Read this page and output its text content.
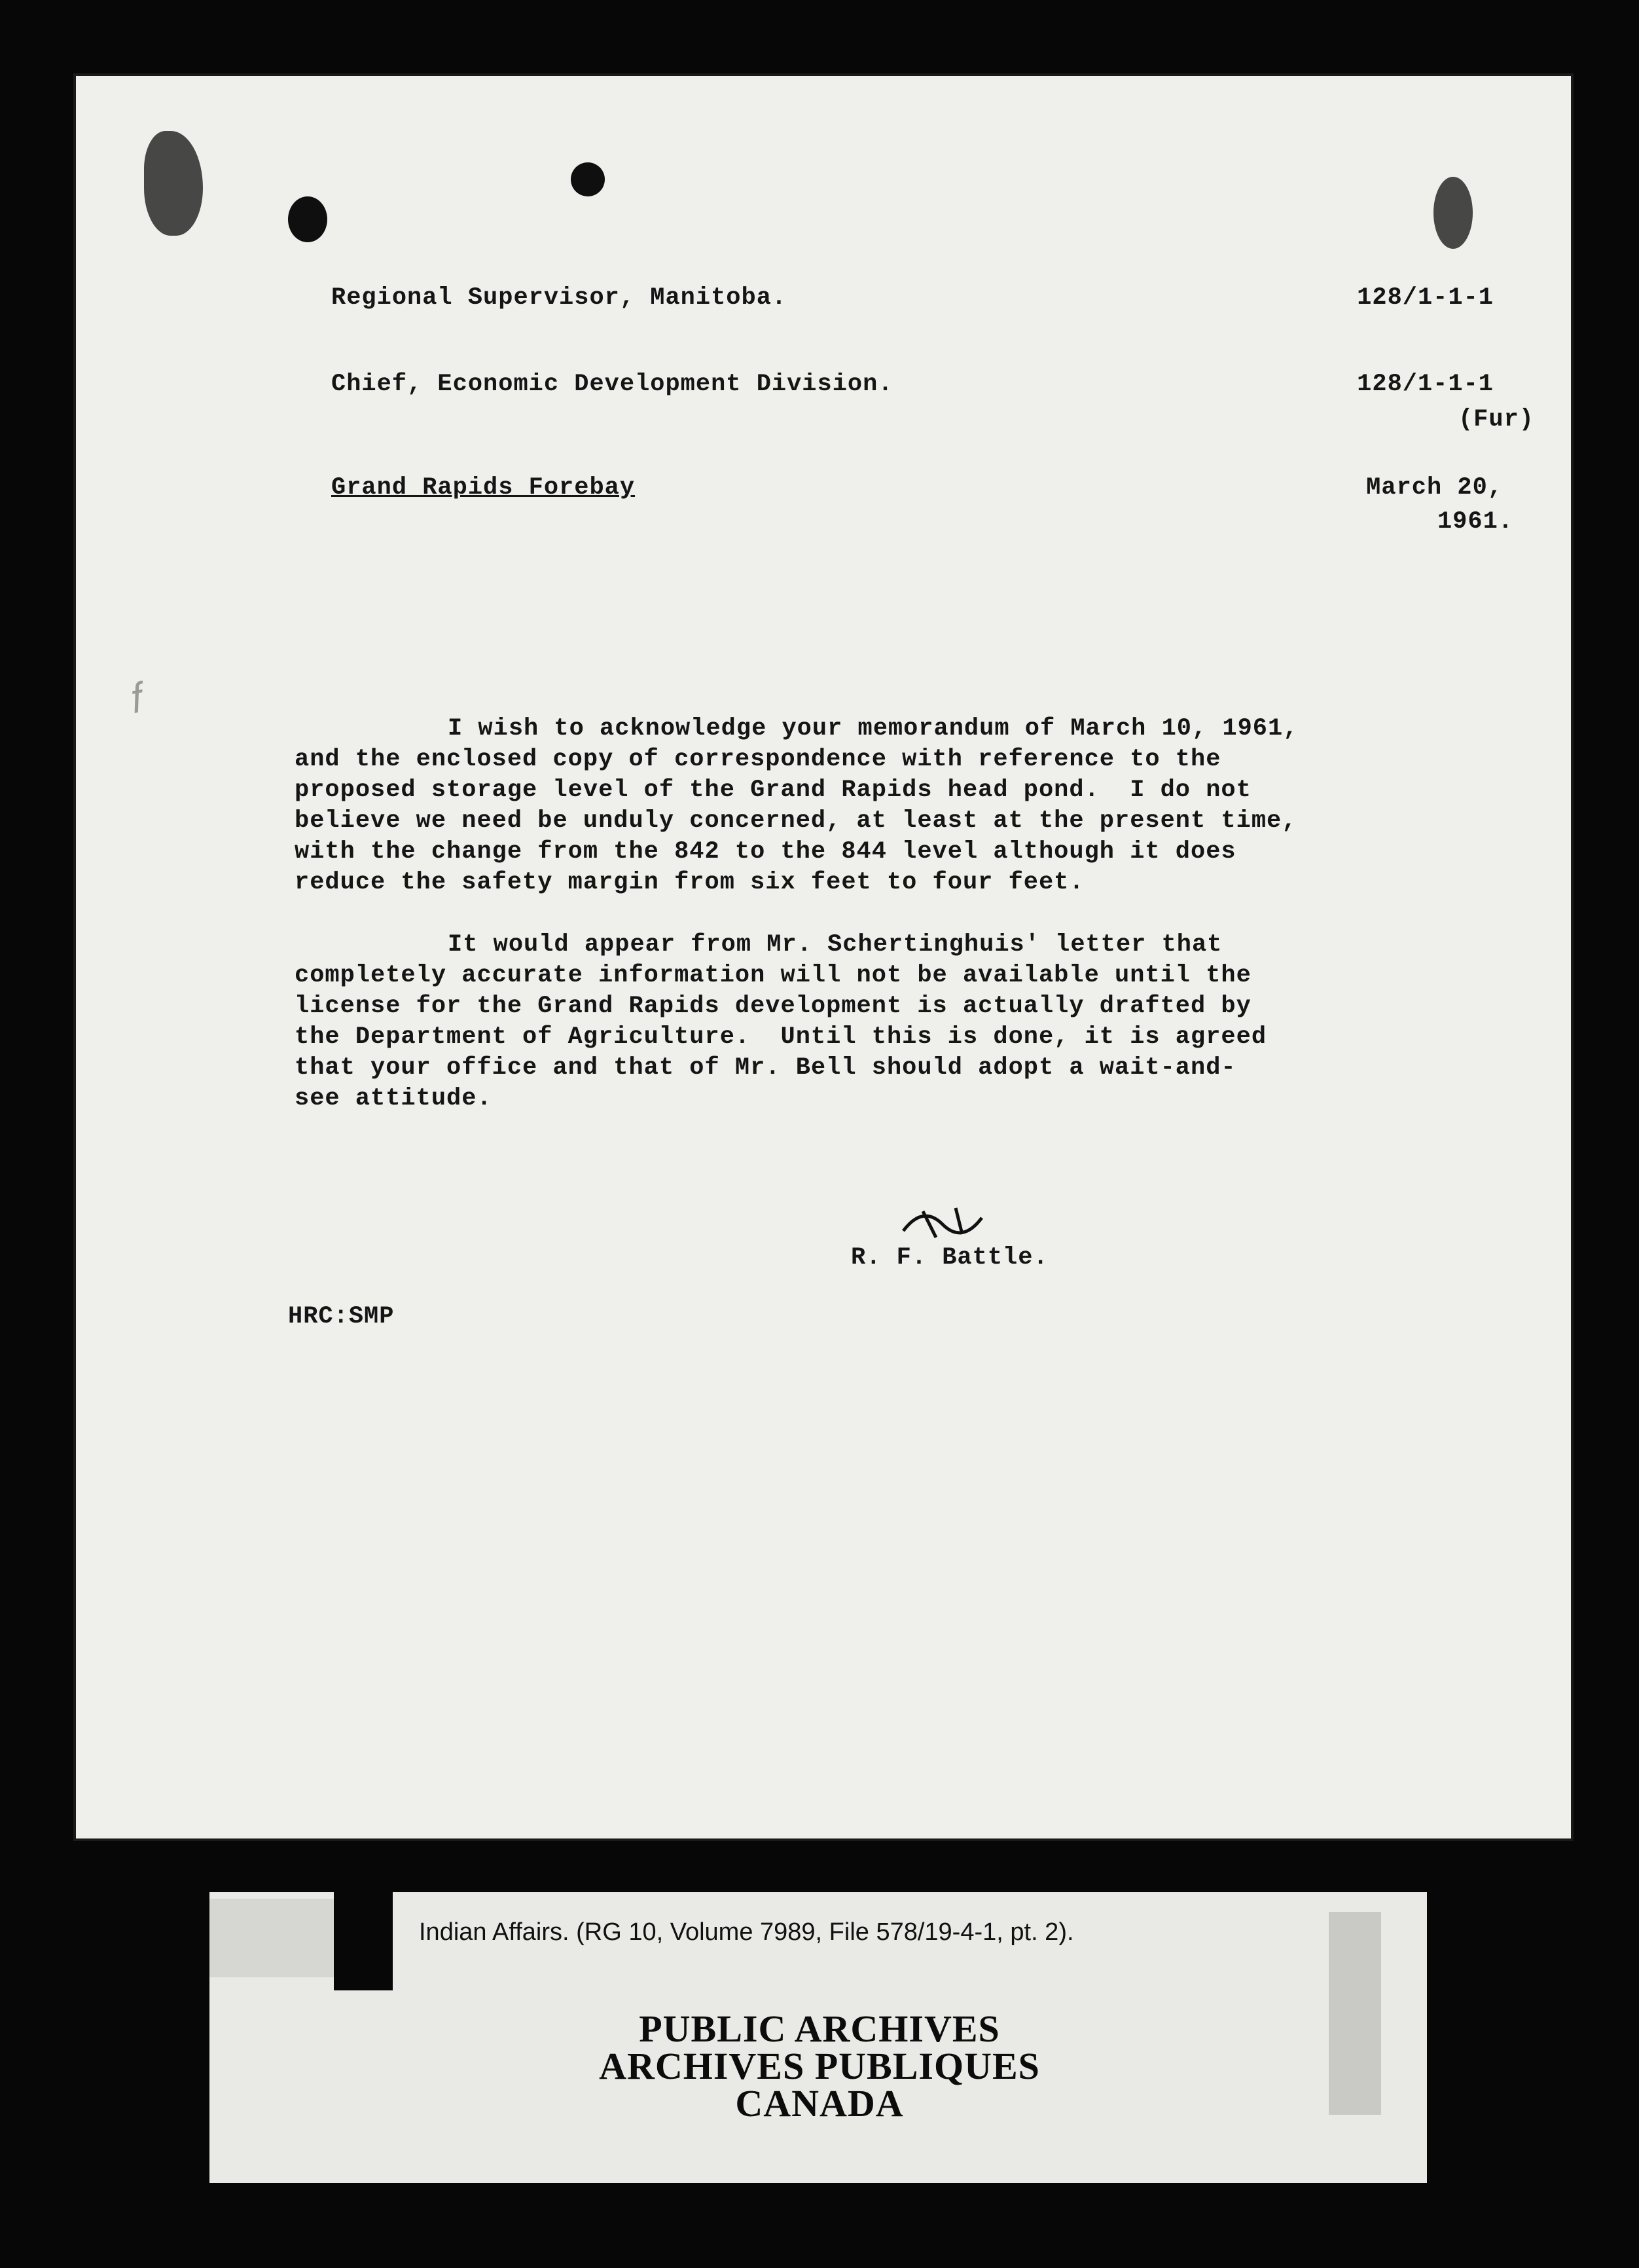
Regional Supervisor, Manitoba.	128/1-1-1
Chief, Economic Development Division.	128/1-1-1
(Fur)
Grand Rapids Forebay	March 20,
1961.
I wish to acknowledge your memorandum of March 10, 1961,
and the enclosed copy of correspondence with reference to the
proposed storage level of the Grand Rapids head pond.  I do not
believe we need be unduly concerned, at least at the present time,
with the change from the 842 to the 844 level although it does
reduce the safety margin from six feet to four feet.
It would appear from Mr. Schertinghuis' letter that
completely accurate information will not be available until the
license for the Grand Rapids development is actually drafted by
the Department of Agriculture.  Until this is done, it is agreed
that your office and that of Mr. Bell should adopt a wait-and-
see attitude.
R. F. Battle.
HRC:SMP
𝑓
Indian Affairs. (RG 10, Volume 7989, File 578/19-4-1, pt. 2).
PUBLIC ARCHIVES
ARCHIVES PUBLIQUES
CANADA
